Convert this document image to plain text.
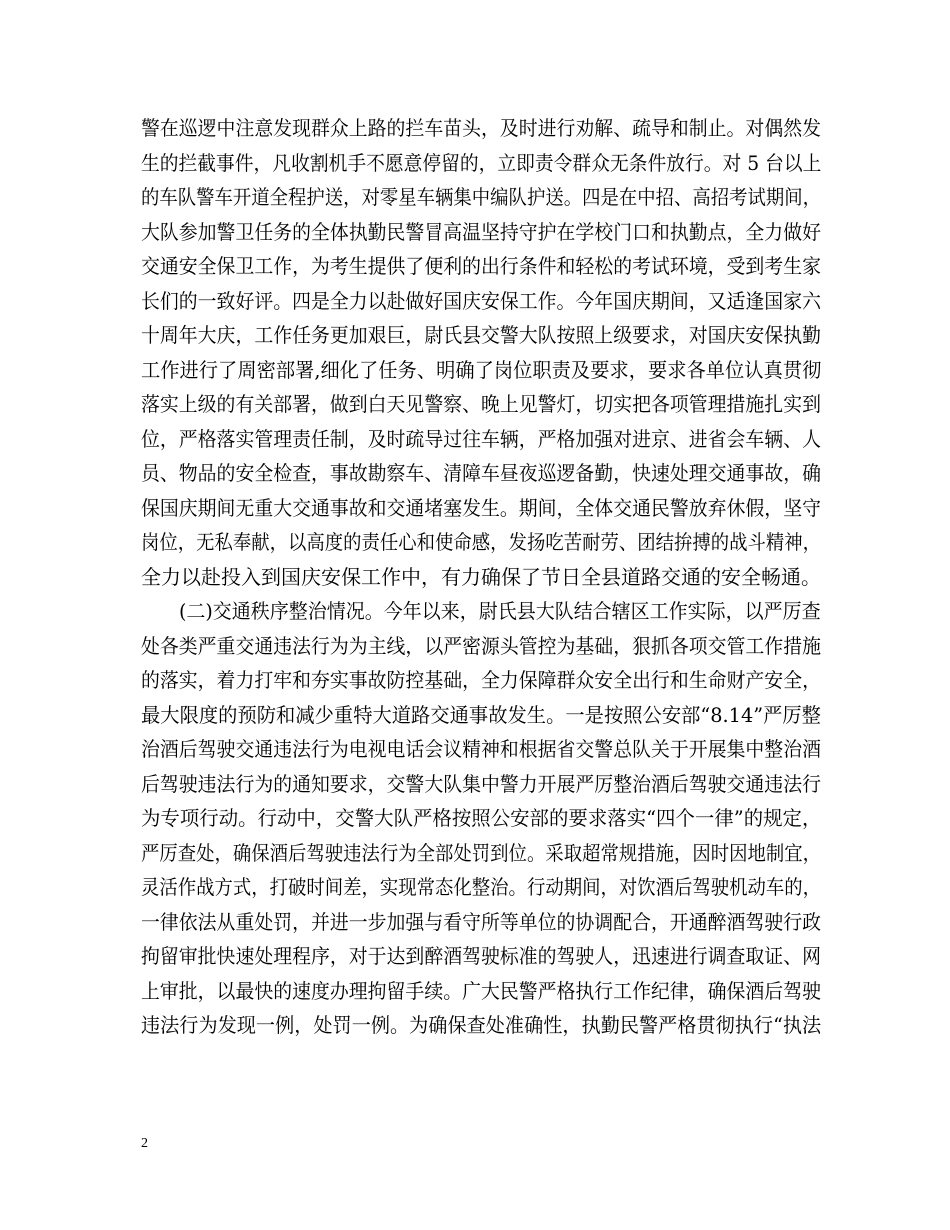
警在巡逻中注意发现群众上路的拦车苗头，及时进行劝解、疏导和制止。对偶然发
生的拦截事件，凡收割机手不愿意停留的，立即责令群众无条件放行。对 5 台以上
的车队警车开道全程护送，对零星车辆集中编队护送。四是在中招、高招考试期间，
大队参加警卫任务的全体执勤民警冒高温坚持守护在学校门口和执勤点，全力做好
交通安全保卫工作，为考生提供了便利的出行条件和轻松的考试环境，受到考生家
长们的一致好评。四是全力以赴做好国庆安保工作。今年国庆期间，又适逢国家六
十周年大庆，工作任务更加艰巨，尉氏县交警大队按照上级要求，对国庆安保执勤
工作进行了周密部署,细化了任务、明确了岗位职责及要求，要求各单位认真贯彻
落实上级的有关部署，做到白天见警察、晚上见警灯，切实把各项管理措施扎实到
位，严格落实管理责任制，及时疏导过往车辆，严格加强对进京、进省会车辆、人
员、物品的安全检查，事故勘察车、清障车昼夜巡逻备勤，快速处理交通事故，确
保国庆期间无重大交通事故和交通堵塞发生。期间，全体交通民警放弃休假，坚守
岗位，无私奉献，以高度的责任心和使命感，发扬吃苦耐劳、团结拚搏的战斗精神，
全力以赴投入到国庆安保工作中，有力确保了节日全县道路交通的安全畅通。
　　(二)交通秩序整治情况。今年以来，尉氏县大队结合辖区工作实际，以严厉查
处各类严重交通违法行为为主线，以严密源头管控为基础，狠抓各项交管工作措施
的落实，着力打牢和夯实事故防控基础，全力保障群众安全出行和生命财产安全，
最大限度的预防和减少重特大道路交通事故发生。一是按照公安部“8.14”严厉整
治酒后驾驶交通违法行为电视电话会议精神和根据省交警总队关于开展集中整治酒
后驾驶违法行为的通知要求，交警大队集中警力开展严厉整治酒后驾驶交通违法行
为专项行动。行动中，交警大队严格按照公安部的要求落实“四个一律”的规定，
严厉查处，确保酒后驾驶违法行为全部处罚到位。采取超常规措施，因时因地制宜，
灵活作战方式，打破时间差，实现常态化整治。行动期间，对饮酒后驾驶机动车的，
一律依法从重处罚，并进一步加强与看守所等单位的协调配合，开通醉酒驾驶行政
拘留审批快速处理程序，对于达到醉酒驾驶标准的驾驶人，迅速进行调查取证、网
上审批，以最快的速度办理拘留手续。广大民警严格执行工作纪律，确保酒后驾驶
违法行为发现一例，处罚一例。为确保查处准确性，执勤民警严格贯彻执行“执法
2
